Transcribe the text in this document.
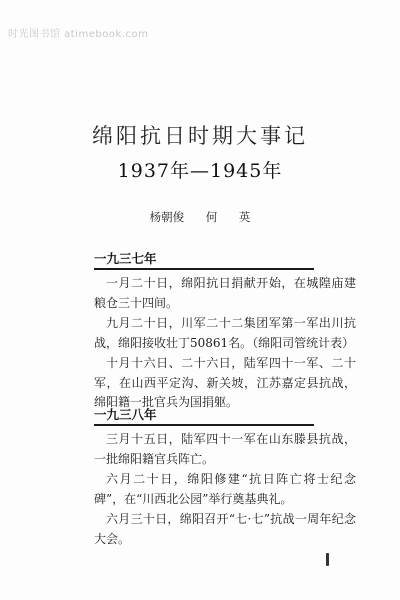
时光图书馆 atimebook.com
绵阳抗日时期大事记
1937年—1945年
杨朝俊 何 英
一九三七年
一月二十日，绵阳抗日捐献开始，在城隍庙建粮仓三十四间。
九月二十日，川军二十二集团军第一军出川抗战，绵阳接收壮丁50861名。（绵阳司管统计表）
十月十六日、二十六日，陆军四十一军、二十军，在山西平定沟、新关坡，江苏嘉定县抗战，绵阳籍一批官兵为国捐躯。
一九三八年
三月十五日，陆军四十一军在山东滕县抗战，一批绵阳籍官兵阵亡。
六月二十日，绵阳修建“抗日阵亡将士纪念碑”，在“川西北公园”举行奠基典礼。
六月三十日，绵阳召开“七·七”抗战一周年纪念大会。
